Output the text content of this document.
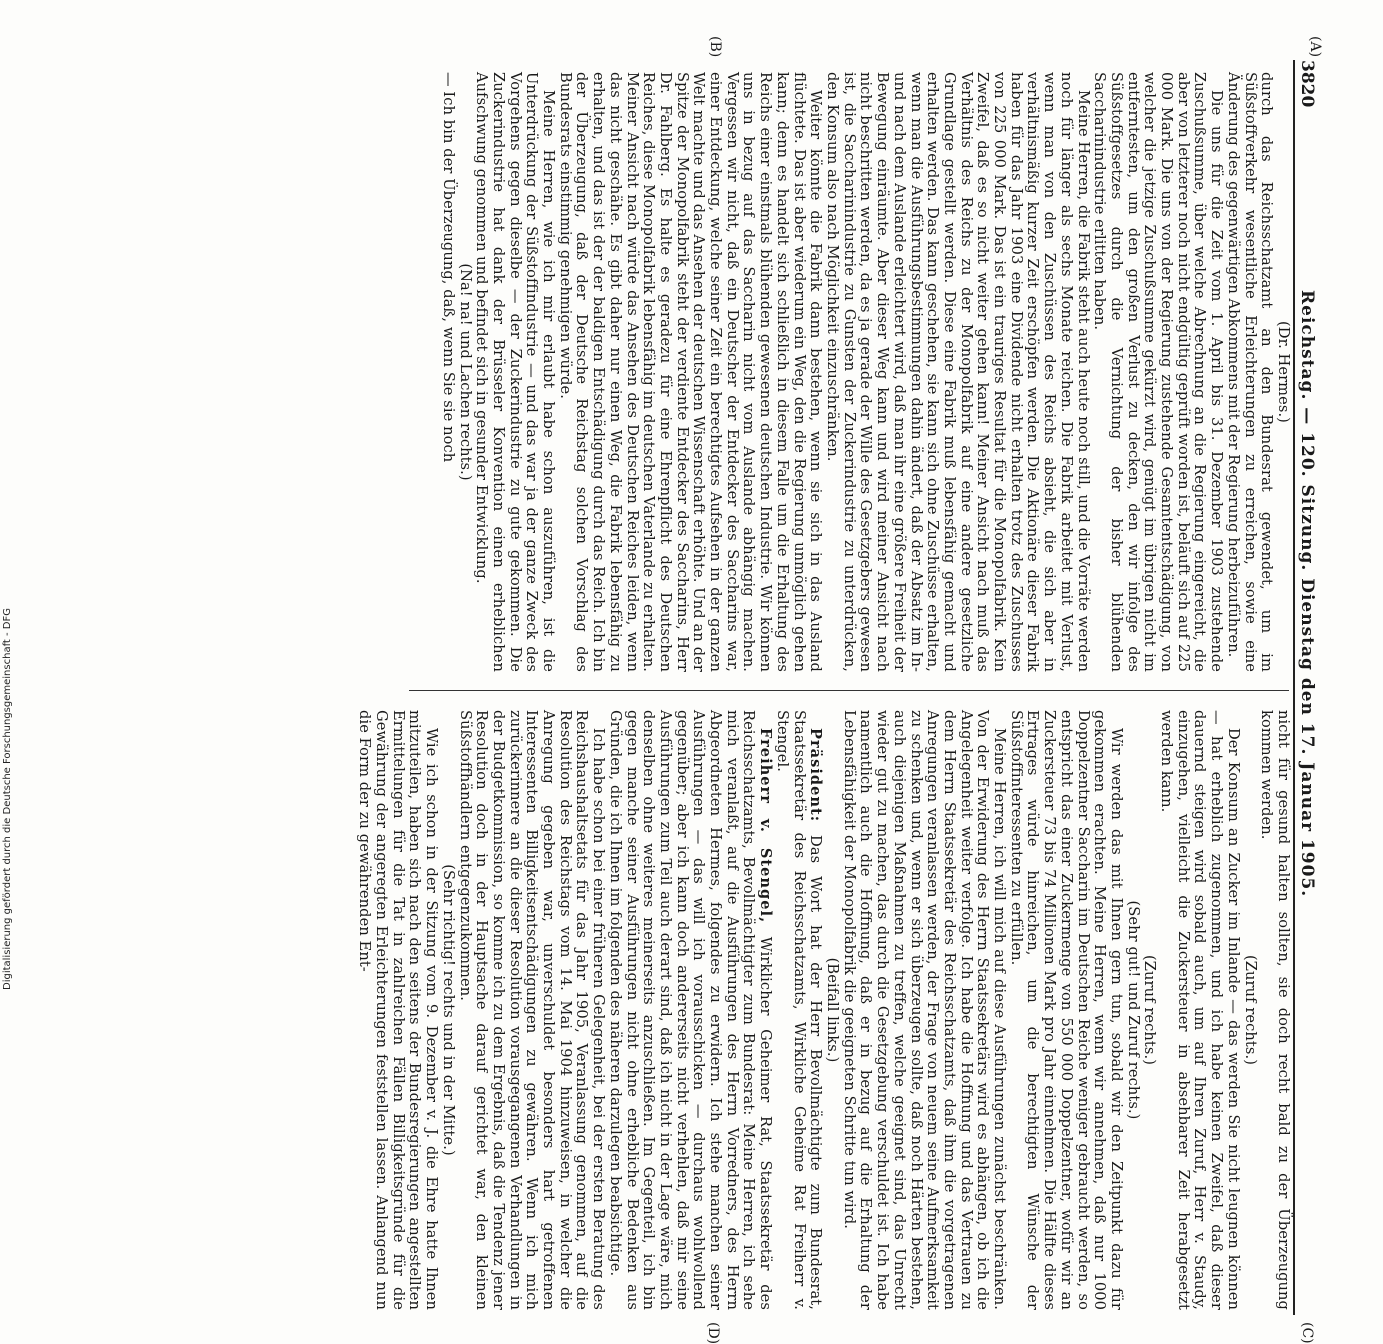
3820
Reichstag. — 120. Sitzung. Dienstag den 17. Januar 1905.
(A)
(B)
(C)
(D)

(Dr. Hermes.)

durch das Reichsschatzamt an den Bundesrat gewendet, um im Süßstoffverkehr wesentliche Erleichterungen zu erreichen, sowie eine Änderung des gegenwärtigen Abkommens mit der Regierung herbeizuführen.

Die uns für die Zeit vom 1. April bis 31. Dezember 1903 zustehende Zuschußsumme, über welche Abrechnung an die Regierung eingereicht, die aber von letzterer noch nicht endgültig geprüft worden ist, beläuft sich auf 225 000 Mark. Die uns von der Regierung zustehende Gesamtentschädigung, von welcher die jetzige Zuschußsumme gekürzt wird, genügt im übrigen nicht im entferntesten, um den großen Verlust zu decken, den wir infolge des Süßstoffgesetzes durch die Vernichtung der bisher blühenden Saccharinindustrie erlitten haben.

Meine Herren, die Fabrik steht auch heute noch still, und die Vorräte werden noch für länger als sechs Monate reichen. Die Fabrik arbeitet mit Verlust, wenn man von den Zuschüssen des Reichs absieht, die sich aber in verhältnismäßig kurzer Zeit erschöpfen werden. Die Aktionäre dieser Fabrik haben für das Jahr 1903 eine Dividende nicht erhalten trotz des Zuschusses von 225 000 Mark. Das ist ein trauriges Resultat für die Monopolfabrik. Kein Zweifel, daß es so nicht weiter gehen kann! Meiner Ansicht nach muß das Verhältnis des Reichs zu der Monopolfabrik auf eine andere gesetzliche Grundlage gestellt werden. Diese eine Fabrik muß lebensfähig gemacht und erhalten werden. Das kann geschehen, sie kann sich ohne Zuschüsse erhalten, wenn man die Ausführungsbestimmungen dahin ändert, daß der Absatz im In- und nach dem Auslande erleichtert wird, daß man ihr eine größere Freiheit der Bewegung einräumte. Aber dieser Weg kann und wird meiner Ansicht nach nicht beschritten werden, da es ja gerade der Wille des Gesetzgebers gewesen ist, die Saccharinindustrie zu Gunsten der Zuckerindustrie zu unterdrücken, den Konsum also nach Möglichkeit einzuschränken.

Weiter könnte die Fabrik dann bestehen, wenn sie sich in das Ausland flüchtete. Das ist aber wiederum ein Weg, den die Regierung unmöglich gehen kann; denn es handelt sich schließlich in diesem Falle um die Erhaltung des Reichs einer einstmals blühenden gewesenen deutschen Industrie. Wir können uns in bezug auf das Saccharin nicht vom Auslande abhängig machen. Vergessen wir nicht, daß ein Deutscher der Entdecker des Saccharins war, einer Entdeckung, welche seiner Zeit ein berechtigtes Aufsehen in der ganzen Welt machte und das Ansehen der deutschen Wissenschaft erhöhte. Und an der Spitze der Monopolfabrik steht der verdiente Entdecker des Saccharins, Herr Dr. Fahlberg. Es halte es geradezu für eine Ehrenpflicht des Deutschen Reiches, diese Monopolfabrik lebensfähig im deutschen Vaterlande zu erhalten. Meiner Ansicht nach würde das Ansehen des Deutschen Reiches leiden, wenn das nicht geschähe. Es gibt daher nur einen Weg, die Fabrik lebensfähig zu erhalten, und das ist der der baldigen Entschädigung durch das Reich. Ich bin der Überzeugung, daß der Deutsche Reichstag solchen Vorschlag des Bundesrats einstimmig genehmigen würde.

Meine Herren, wie ich mir erlaubt habe schon auszuführen, ist die Unterdrückung der Süßstoffindustrie — und das war ja der ganze Zweck des Vorgehens gegen dieselbe — der Zuckerindustrie zu gute gekommen. Die Zuckerindustrie hat dank der Brüsseler Konvention einen erheblichen Aufschwung genommen und befindet sich in gesunder Entwicklung.

(Na! na! und Lachen rechts.)

— Ich bin der Überzeugung, daß, wenn Sie sie noch

nicht für gesund halten sollten, sie doch recht bald zu der Überzeugung kommen werden.

(Zuruf rechts.)

Der Konsum an Zucker im Inlande — das werden Sie nicht leugnen können — hat erheblich zugenommen, und ich habe keinen Zweifel, daß dieser dauernd steigen wird sobald auch, um auf Ihren Zuruf, Herr v. Staudy, einzugehen, vielleicht die Zuckersteuer in absehbarer Zeit herabgesetzt werden kann.

(Zuruf rechts.)

(Sehr gut! und Zuruf rechts.)

Wir werden das mit Ihnen gern tun, sobald wir den Zeitpunkt dazu für gekommen erachten. Meine Herren, wenn wir annehmen, daß nur 1000 Doppelzentner Saccharin im Deutschen Reiche weniger gebraucht werden, so entspricht das einer Zuckermenge von 550 000 Doppelzentner, wofür wir an Zuckersteuer 73 bis 74 Millionen Mark pro Jahr einnehmen. Die Hälfte dieses Ertrages würde hinreichen, um die berechtigten Wünsche der Süßstoffinteressenten zu erfüllen.

Meine Herren, ich will mich auf diese Ausführungen zunächst beschränken. Von der Erwiderung des Herrn Staatssekretärs wird es abhängen, ob ich die Angelegenheit weiter verfolge. Ich habe die Hoffnung und das Vertrauen zu dem Herrn Staatssekretär des Reichsschatzamts, daß ihm die vorgetragenen Anregungen veranlassen werden, der Frage von neuem seine Aufmerksamkeit zu schenken und, wenn er sich überzeugen sollte, daß noch Härten bestehen, auch diejenigen Maßnahmen zu treffen, welche geeignet sind, das Unrecht wieder gut zu machen, das durch die Gesetzgebung verschuldet ist. Ich habe namentlich auch die Hoffnung, daß er in bezug auf die Erhaltung der Lebensfähigkeit der Monopolfabrik die geeigneten Schritte tun wird.

(Beifall links.)

Präsident: Das Wort hat der Herr Bevollmächtigte zum Bundesrat, Staatssekretär des Reichsschatzamts, Wirkliche Geheime Rat Freiherr v. Stengel.

Freiherr v. Stengel, Wirklicher Geheimer Rat, Staatssekretär des Reichsschatzamts, Bevollmächtigter zum Bundesrat: Meine Herren, ich sehe mich veranlaßt, auf die Ausführungen des Herrn Vorredners, des Herrn Abgeordneten Hermes, folgendes zu erwidern. Ich stehe manchen seiner Ausführungen — das will ich vorausschicken — durchaus wohlwollend gegenüber; aber ich kann doch andererseits nicht verhehlen, daß mir seine Ausführungen zum Teil auch derart sind, daß ich nicht in der Lage wäre, mich denselben ohne weiteres meinerseits anzuschließen. Im Gegenteil, ich bin gegen manche seiner Ausführungen nicht ohne erhebliche Bedenken aus Gründen, die ich Ihnen im folgenden des näheren darzulegen beabsichtige.

Ich habe schon bei einer früheren Gelegenheit, bei der ersten Beratung des Reichshaushaltsetats für das Jahr 1905, Veranlassung genommen, auf die Resolution des Reichstags vom 14. Mai 1904 hinzuweisen, in welcher die Anregung gegeben war, unverschuldet besonders hart getroffenen Interessenten Billigkeitsentschädigungen zu gewähren. Wenn ich mich zurückerinnere an die dieser Resolution vorausgegangenen Verhandlungen in der Budgetkommission, so komme ich zu dem Ergebnis, daß die Tendenz jener Resolution doch in der Hauptsache darauf gerichtet war, den kleinen Süßstoffhändlern entgegenzukommen.

(Sehr richtig! rechts und in der Mitte.)

Wie ich schon in der Sitzung vom 9. Dezember v. J. die Ehre hatte Ihnen mitzuteilen, haben sich nach den seitens der Bundesregierungen angestellten Ermittelungen für die Tat in zahlreichen Fällen Billigkeitsgründe für die Gewährung der angeregten Erleichterungen feststellen lassen. Anlangend nun die Form der zu gewährenden Ent-

Digitalisierung gefördert durch die Deutsche Forschungsgemeinschaft - DFG
